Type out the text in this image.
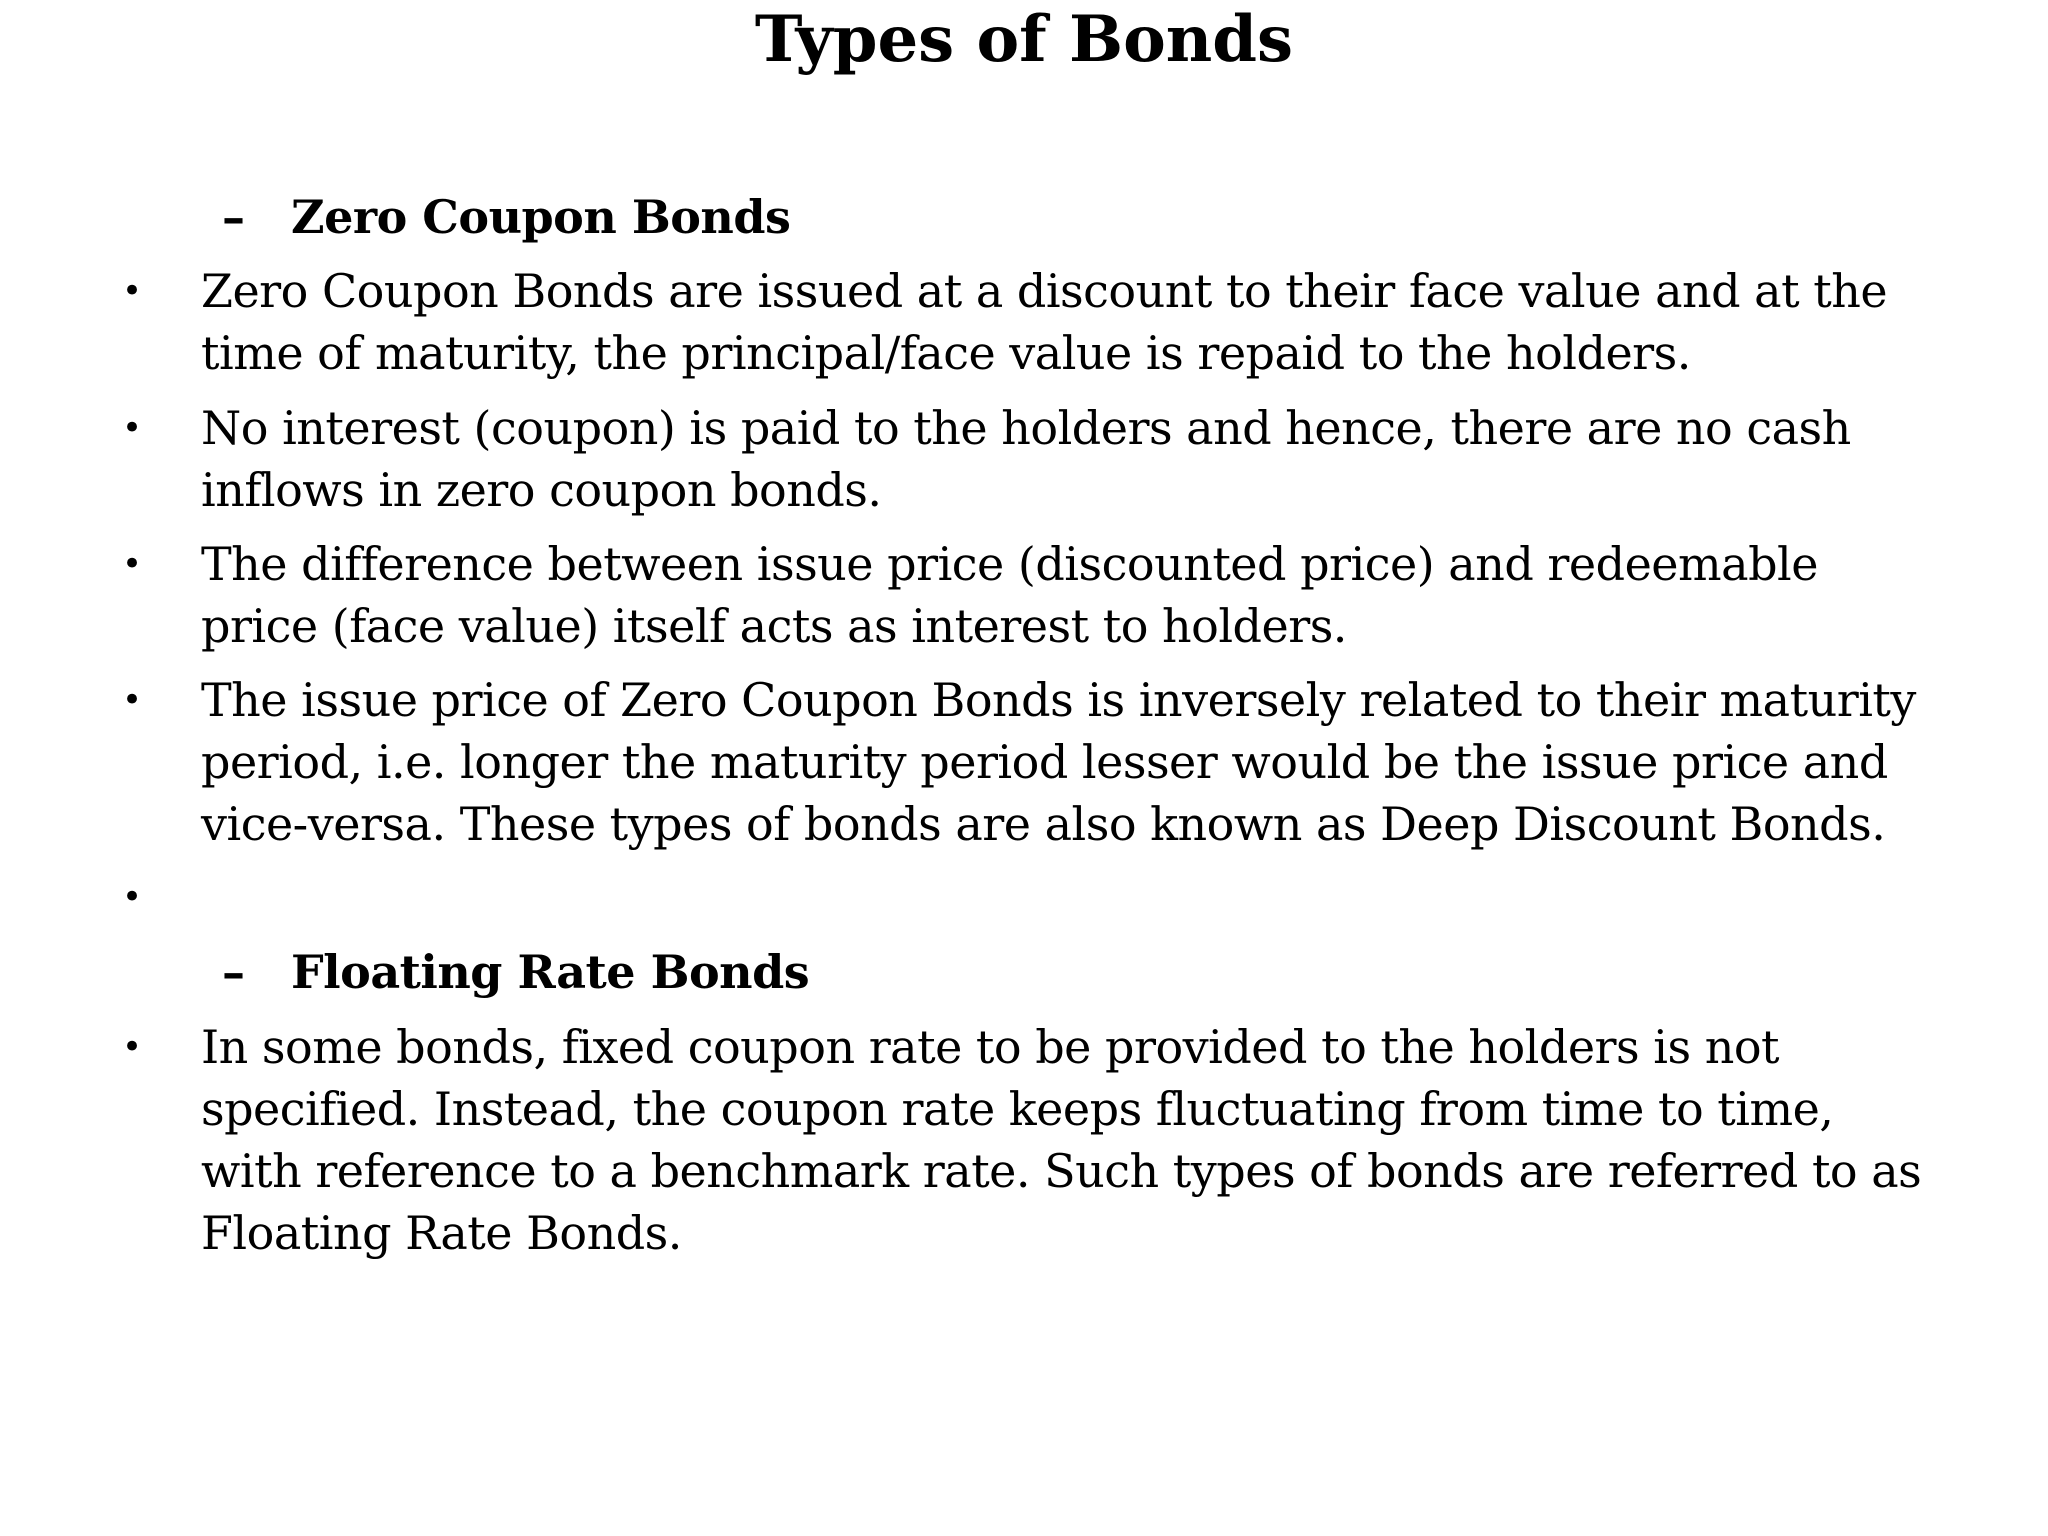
Types of Bonds
– Zero Coupon Bonds
• Zero Coupon Bonds are issued at a discount to their face value and at the time of maturity, the principal/face value is repaid to the holders.
• No interest (coupon) is paid to the holders and hence, there are no cash inflows in zero coupon bonds.
• The difference between issue price (discounted price) and redeemable price (face value) itself acts as interest to holders.
• The issue price of Zero Coupon Bonds is inversely related to their maturity period, i.e. longer the maturity period lesser would be the issue price and vice-versa. These types of bonds are also known as Deep Discount Bonds.
•
– Floating Rate Bonds
• In some bonds, fixed coupon rate to be provided to the holders is not specified. Instead, the coupon rate keeps fluctuating from time to time, with reference to a benchmark rate. Such types of bonds are referred to as Floating Rate Bonds.
